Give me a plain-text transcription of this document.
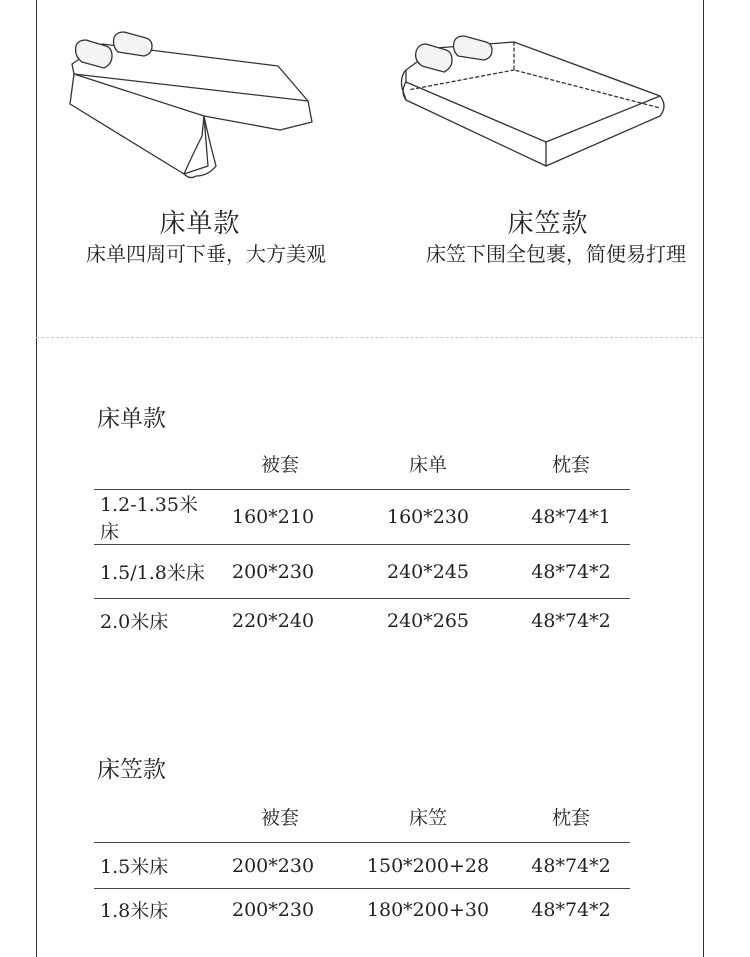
床单款
床单四周可下垂，大方美观
床笠款
床笠下围全包裹，简便易打理
床单款
	被套	床单	枕套
1.2-1.35米床	160*210	160*230	48*74*1
1.5/1.8米床	200*230	240*245	48*74*2
2.0米床	220*240	240*265	48*74*2
床笠款
	被套	床笠	枕套
1.5米床	200*230	150*200+28	48*74*2
1.8米床	200*230	180*200+30	48*74*2
